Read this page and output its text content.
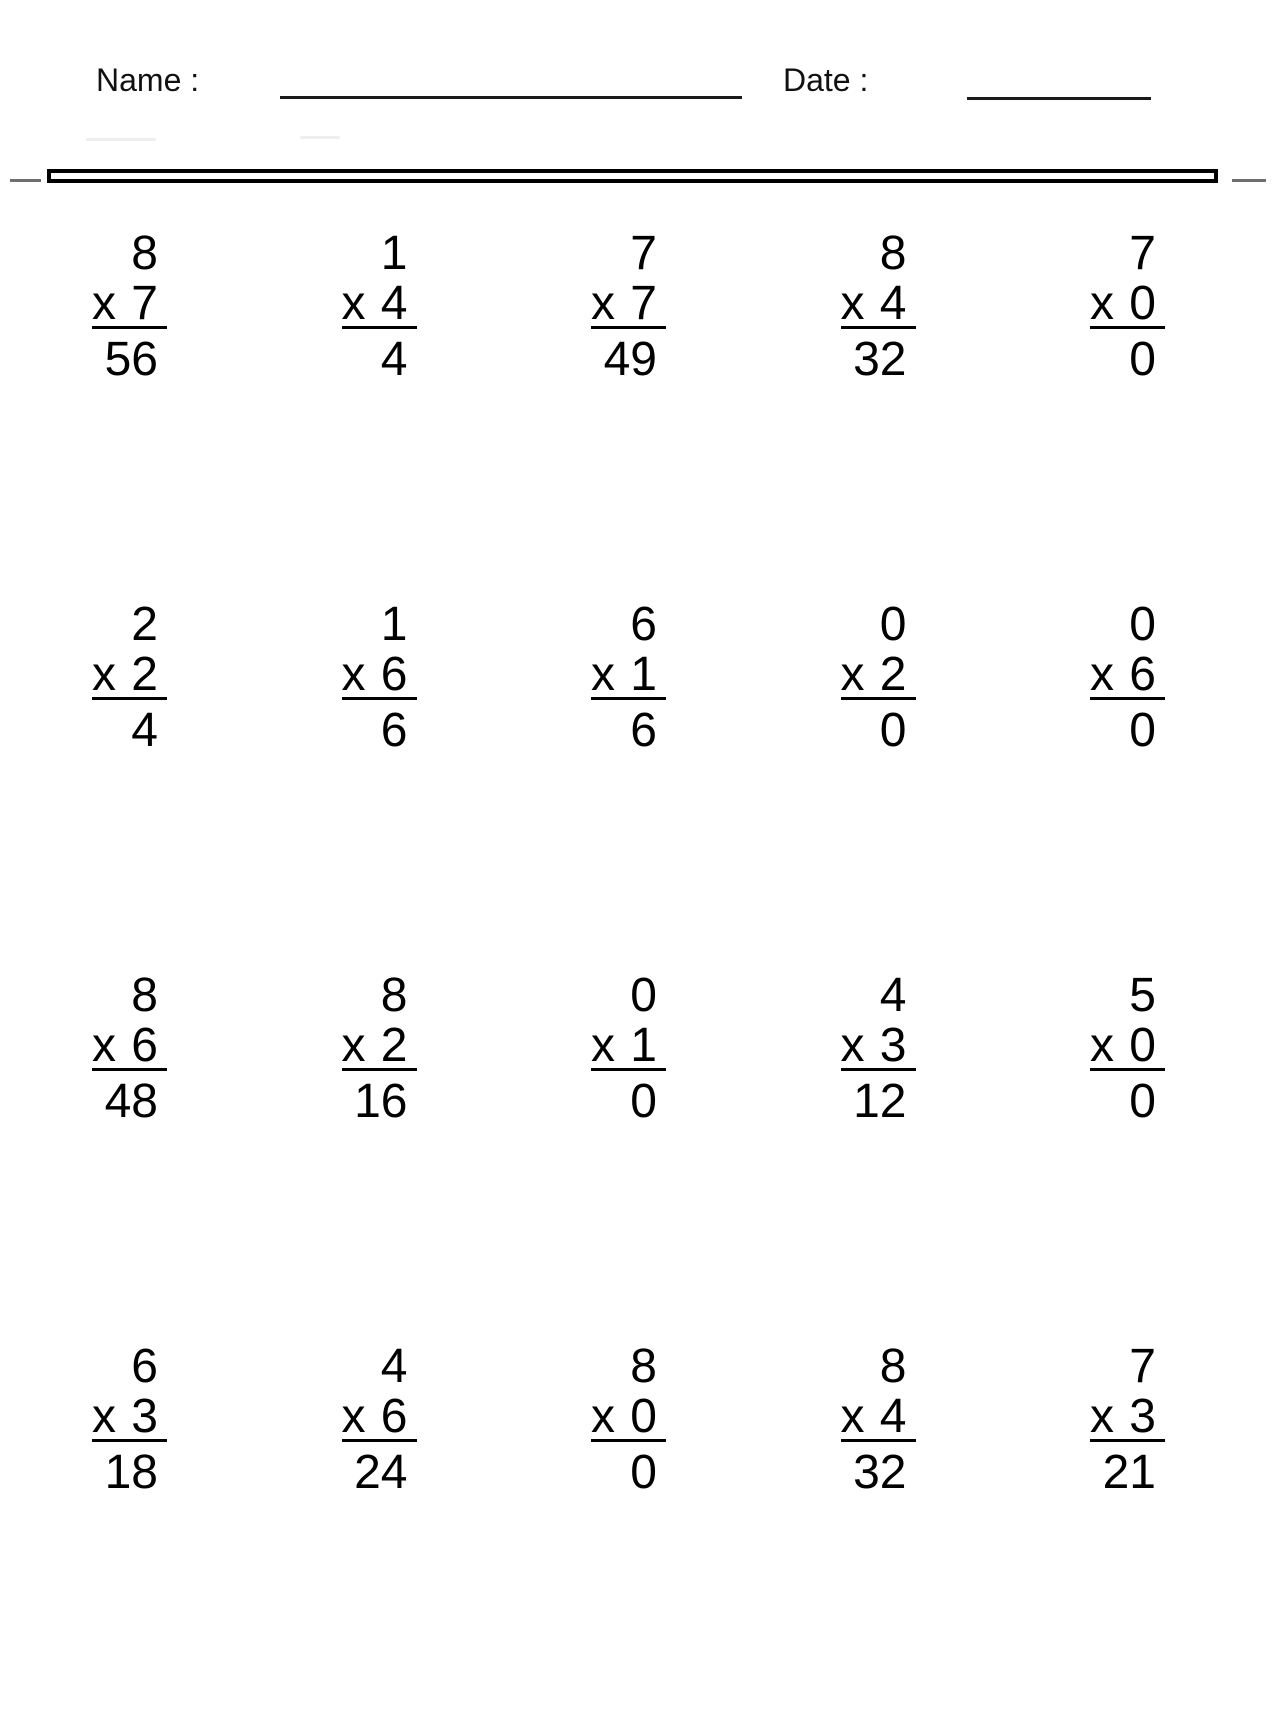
Name :	Date :
8
x 7
56
1
x 4
4
7
x 7
49
8
x 4
32
7
x 0
0
2
x 2
4
1
x 6
6
6
x 1
6
0
x 2
0
0
x 6
0
8
x 6
48
8
x 2
16
0
x 1
0
4
x 3
12
5
x 0
0
6
x 3
18
4
x 6
24
8
x 0
0
8
x 4
32
7
x 3
21
